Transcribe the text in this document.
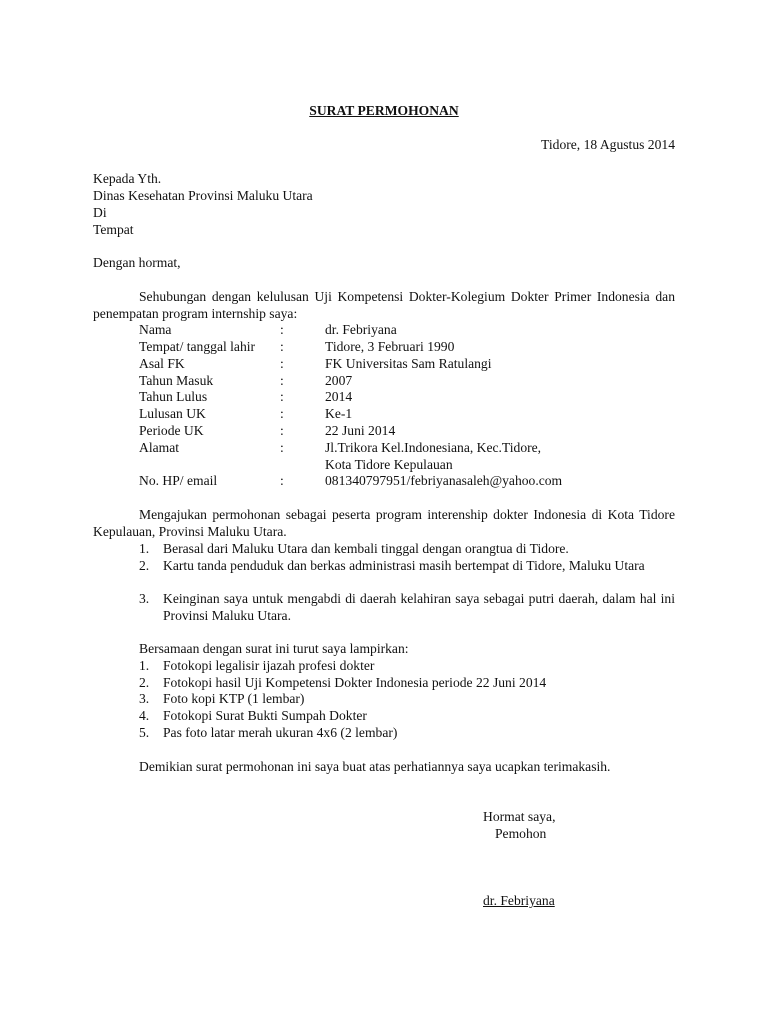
SURAT PERMOHONAN
Tidore, 18 Agustus 2014
Kepada Yth.
Dinas Kesehatan Provinsi Maluku Utara
Di
Tempat
Dengan hormat,
Sehubungan dengan kelulusan Uji Kompetensi Dokter-Kolegium Dokter Primer Indonesia dan penempatan program internship saya:
Nama	:	dr. Febriyana
Tempat/ tanggal lahir :	Tidore, 3 Februari 1990
Asal FK	:	FK Universitas Sam Ratulangi
Tahun Masuk	:	2007
Tahun Lulus	:	2014
Lulusan UK	:	Ke-1
Periode UK	:	22 Juni 2014
Alamat	:	Jl.Trikora Kel.Indonesiana, Kec.Tidore,
Kota Tidore Kepulauan
No. HP/ email	:	081340797951/febriyanasaleh@yahoo.com
Mengajukan permohonan sebagai peserta program interenship dokter Indonesia di Kota Tidore Kepulauan, Provinsi Maluku Utara.
1. Berasal dari Maluku Utara dan kembali tinggal dengan orangtua di Tidore.
2. Kartu tanda penduduk dan berkas administrasi masih bertempat di Tidore, Maluku Utara
3. Keinginan saya untuk mengabdi di daerah kelahiran saya sebagai putri daerah, dalam hal ini Provinsi Maluku Utara.
Bersamaan dengan surat ini turut saya lampirkan:
1. Fotokopi legalisir ijazah profesi dokter
2. Fotokopi hasil Uji Kompetensi Dokter Indonesia periode 22 Juni 2014
3. Foto kopi KTP (1 lembar)
4. Fotokopi Surat Bukti Sumpah Dokter
5. Pas foto latar merah ukuran 4x6 (2 lembar)
Demikian surat permohonan ini saya buat atas perhatiannya saya ucapkan terimakasih.
Hormat saya,
Pemohon
dr. Febriyana
